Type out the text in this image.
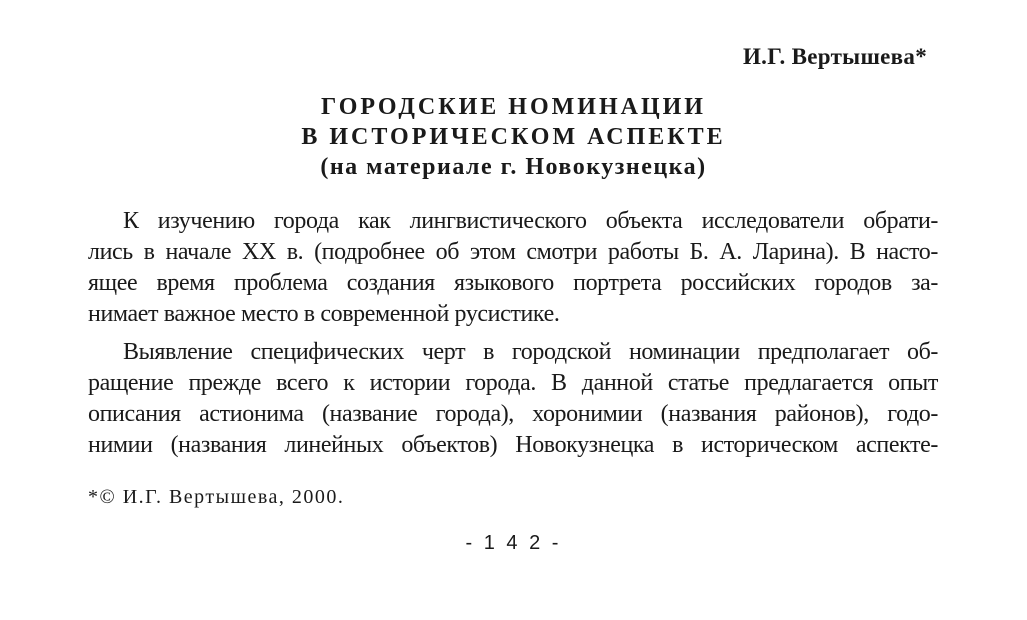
И.Г. Вертышева*
ГОРОДСКИЕ НОМИНАЦИИ
В ИСТОРИЧЕСКОМ АСПЕКТЕ
(на материале г. Новокузнецка)
К изучению города как лингвистического объекта исследователи обрати-
лись в начале XX в. (подробнее об этом смотри работы Б. А. Ларина). В насто-
ящее время проблема создания языкового портрета российских городов за-
нимает важное место в современной русистике.
Выявление специфических черт в городской номинации предполагает об-
ращение прежде всего к истории города. В данной статье предлагается опыт
описания астионима (название города), хоронимии (названия районов), годо-
нимии (названия линейных объектов) Новокузнецка в историческом аспекте-
*© И.Г. Вертышева, 2000.
- 1 4 2 -
